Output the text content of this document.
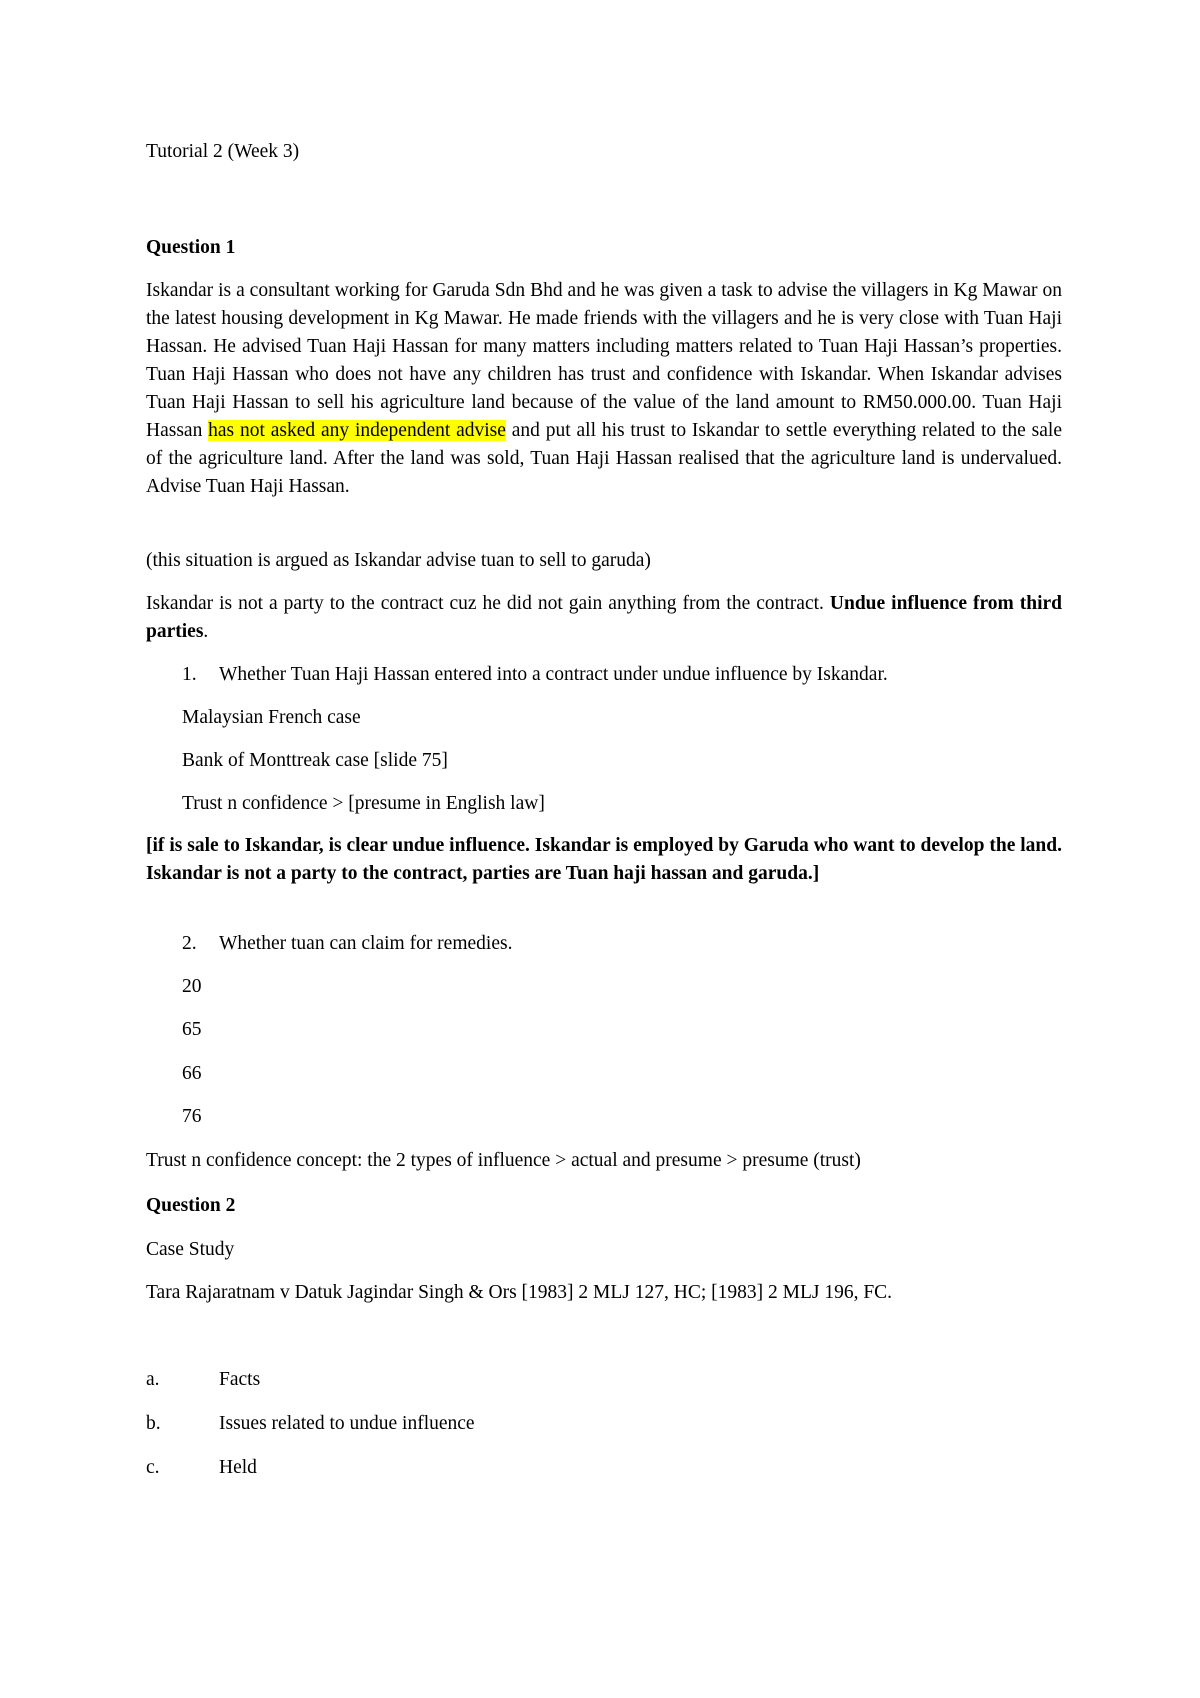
Tutorial 2 (Week 3)

Question 1

Iskandar is a consultant working for Garuda Sdn Bhd and he was given a task to advise the villagers in Kg Mawar on the latest housing development in Kg Mawar. He made friends with the villagers and he is very close with Tuan Haji Hassan. He advised Tuan Haji Hassan for many matters including matters related to Tuan Haji Hassan’s properties. Tuan Haji Hassan who does not have any children has trust and confidence with Iskandar. When Iskandar advises Tuan Haji Hassan to sell his agriculture land because of the value of the land amount to RM50.000.00. Tuan Haji Hassan has not asked any independent advise and put all his trust to Iskandar to settle everything related to the sale of the agriculture land. After the land was sold, Tuan Haji Hassan realised that the agriculture land is undervalued. Advise Tuan Haji Hassan.

(this situation is argued as Iskandar advise tuan to sell to garuda)

Iskandar is not a party to the contract cuz he did not gain anything from the contract. Undue influence from third parties.

1. Whether Tuan Haji Hassan entered into a contract under undue influence by Iskandar.

Malaysian French case

Bank of Monttreak case [slide 75]

Trust n confidence > [presume in English law]

[if is sale to Iskandar, is clear undue influence. Iskandar is employed by Garuda who want to develop the land. Iskandar is not a party to the contract, parties are Tuan haji hassan and garuda.]

2. Whether tuan can claim for remedies.

20

65

66

76

Trust n confidence concept: the 2 types of influence > actual and presume > presume (trust)

Question 2

Case Study

Tara Rajaratnam v Datuk Jagindar Singh & Ors [1983] 2 MLJ 127, HC; [1983] 2 MLJ 196, FC.

a.	Facts
b.	Issues related to undue influence
c.	Held
